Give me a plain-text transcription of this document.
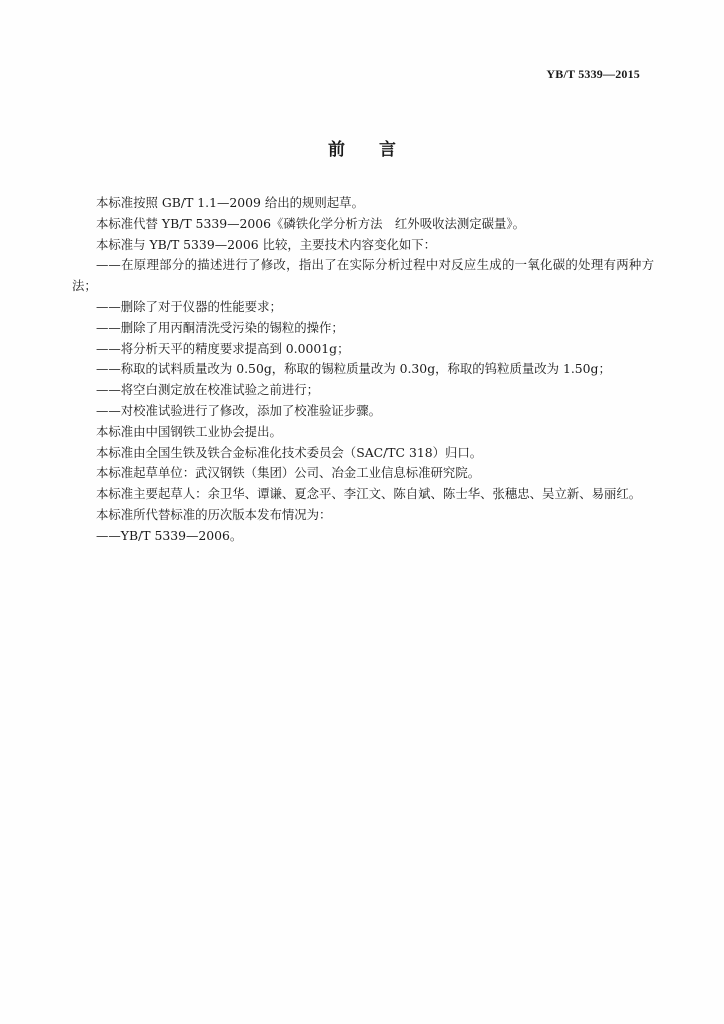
YB/T 5339—2015
前言

本标准按照 GB/T 1.1—2009 给出的规则起草。

本标准代替 YB/T 5339—2006《磷铁化学分析方法　红外吸收法测定碳量》。

本标准与 YB/T 5339—2006 比较，主要技术内容变化如下：

——在原理部分的描述进行了修改，指出了在实际分析过程中对反应生成的一氧化碳的处理有两种方法；

——删除了对于仪器的性能要求；

——删除了用丙酮清洗受污染的锡粒的操作；

——将分析天平的精度要求提高到 0.0001g；

——称取的试料质量改为 0.50g，称取的锡粒质量改为 0.30g，称取的钨粒质量改为 1.50g；

——将空白测定放在校准试验之前进行；

——对校准试验进行了修改，添加了校准验证步骤。

本标准由中国钢铁工业协会提出。

本标准由全国生铁及铁合金标准化技术委员会（SAC/TC 318）归口。

本标准起草单位：武汉钢铁（集团）公司、冶金工业信息标准研究院。

本标准主要起草人：余卫华、谭谦、夏念平、李江文、陈自斌、陈士华、张穗忠、吴立新、易丽红。

本标准所代替标准的历次版本发布情况为：

——YB/T 5339—2006。
